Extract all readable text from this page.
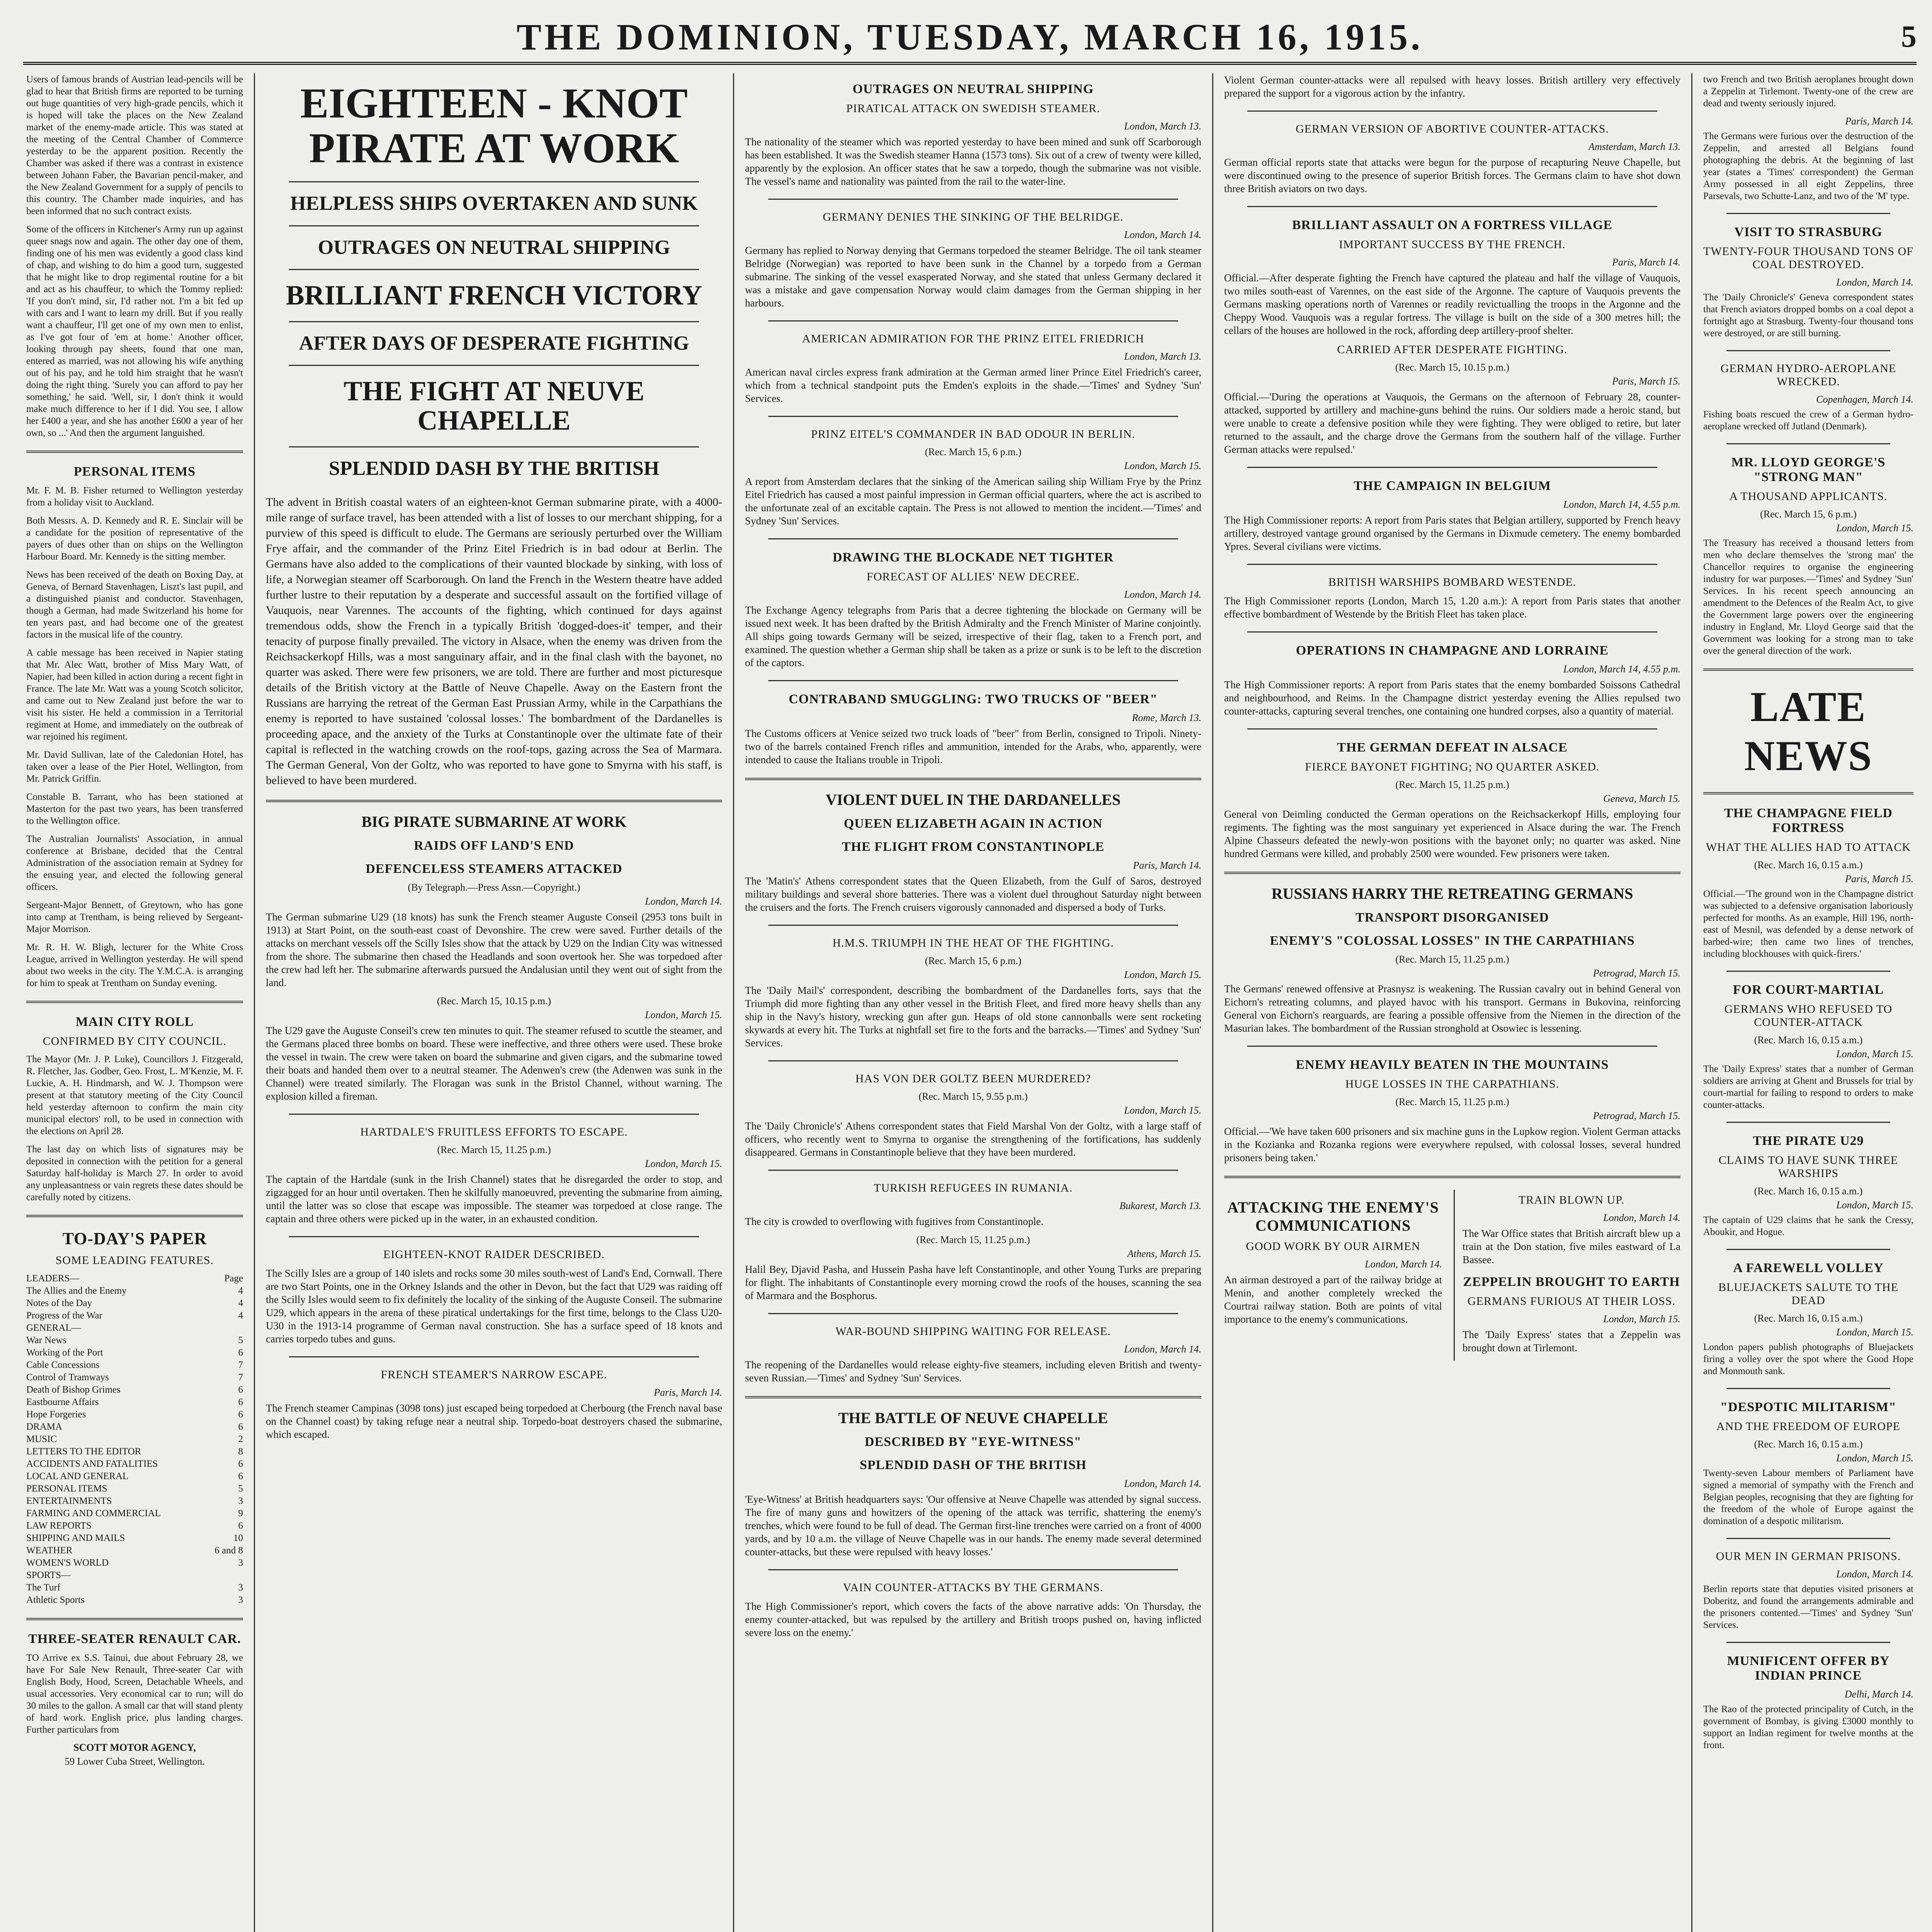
THE DOMINION, TUESDAY, MARCH 16, 1915.	5

Users of famous brands of Austrian lead-pencils will be glad to hear that British firms are reported to be turning out huge quantities of very high-grade pencils, which it is hoped will take the places on the New Zealand market of the enemy-made article. This was stated at the meeting of the Central Chamber of Commerce yesterday to be the apparent position. Recently the Chamber was asked if there was a contrast in existence between Johann Faber, the Bavarian pencil-maker, and the New Zealand Government for a supply of pencils to this country. The Chamber made inquiries, and has been informed that no such contract exists.

Some of the officers in Kitchener's Army run up against queer snags now and again. The other day one of them, finding one of his men was evidently a good class kind of chap, and wishing to do him a good turn, suggested that he might like to drop regimental routine for a bit and act as his chauffeur, to which the Tommy replied: 'If you don't mind, sir, I'd rather not. I'm a bit fed up with cars and I want to learn my drill. But if you really want a chauffeur, I'll get one of my own men to enlist, as I've got four of 'em at home.' Another officer, looking through pay sheets, found that one man, entered as married, was not allowing his wife anything out of his pay, and he told him straight that he wasn't doing the right thing. 'Surely you can afford to pay her something,' he said. 'Well, sir, I don't think it would make much difference to her if I did. You see, I allow her £400 a year, and she has another £600 a year of her own, so ...' And then the argument languished.

PERSONAL ITEMS

Mr. F. M. B. Fisher returned to Wellington yesterday from a holiday visit to Auckland.

Both Messrs. A. D. Kennedy and R. E. Sinclair will be a candidate for the position of representative of the payers of dues other than on ships on the Wellington Harbour Board. Mr. Kennedy is the sitting member.

News has been received of the death on Boxing Day, at Geneva, of Bernard Stavenhagen, Liszt's last pupil, and a distinguished pianist and conductor. Stavenhagen, though a German, had made Switzerland his home for ten years past, and had become one of the greatest factors in the musical life of the country.

A cable message has been received in Napier stating that Mr. Alec Watt, brother of Miss Mary Watt, of Napier, had been killed in action during a recent fight in France. The late Mr. Watt was a young Scotch solicitor, and came out to New Zealand just before the war to visit his sister. He held a commission in a Territorial regiment at Home, and immediately on the outbreak of war rejoined his regiment.

Mr. David Sullivan, late of the Caledonian Hotel, has taken over a lease of the Pier Hotel, Wellington, from Mr. Patrick Griffin.

Constable B. Tarrant, who has been stationed at Masterton for the past two years, has been transferred to the Wellington office.

The Australian Journalists' Association, in annual conference at Brisbane, decided that the Central Administration of the association remain at Sydney for the ensuing year, and elected the following general officers.

Sergeant-Major Bennett, of Greytown, who has gone into camp at Trentham, is being relieved by Sergeant-Major Morrison.

Mr. R. H. W. Bligh, lecturer for the White Cross League, arrived in Wellington yesterday. He will spend about two weeks in the city. The Y.M.C.A. is arranging for him to speak at Trentham on Sunday evening.

MAIN CITY ROLL
CONFIRMED BY CITY COUNCIL.

The Mayor (Mr. J. P. Luke), Councillors J. Fitzgerald, R. Fletcher, Jas. Godber, Geo. Frost, L. M'Kenzie, M. F. Luckie, A. H. Hindmarsh, and W. J. Thompson were present at that statutory meeting of the City Council held yesterday afternoon to confirm the main city municipal electors' roll, to be used in connection with the elections on April 28.

The last day on which lists of signatures may be deposited in connection with the petition for a general Saturday half-holiday is March 27. In order to avoid any unpleasantness or vain regrets these dates should be carefully noted by citizens.

TO-DAY'S PAPER
SOME LEADING FEATURES.
LEADERS—	Page
The Allies and the Enemy	4
Notes of the Day	4
Progress of the War	4
GENERAL—
War News	5
Working of the Port	6
Cable Concessions	7
Control of Tramways	7
Death of Bishop Grimes	6
Eastbourne Affairs	6
Hope Forgeries	6
DRAMA	6
MUSIC	2
LETTERS TO THE EDITOR	8
ACCIDENTS AND FATALITIES	6
LOCAL AND GENERAL	6
PERSONAL ITEMS	5
ENTERTAINMENTS	3
FARMING AND COMMERCIAL	9
LAW REPORTS	6
SHIPPING AND MAILS	10
WEATHER	6 and 8
WOMEN'S WORLD	3
SPORTS—
The Turf	3
Athletic Sports	3
THREE-SEATER RENAULT CAR.

TO Arrive ex S.S. Tainui, due about February 28, we have For Sale New Renault, Three-seater Car with English Body, Hood, Screen, Detachable Wheels, and usual accessories. Very economical car to run; will do 30 miles to the gallon. A small car that will stand plenty of hard work. English price, plus landing charges. Further particulars from

SCOTT MOTOR AGENCY,
59 Lower Cuba Street, Wellington.
EIGHTEEN - KNOT PIRATE AT WORK
HELPLESS SHIPS OVERTAKEN AND SUNK
OUTRAGES ON NEUTRAL SHIPPING
BRILLIANT FRENCH VICTORY
AFTER DAYS OF DESPERATE FIGHTING
THE FIGHT AT NEUVE CHAPELLE
SPLENDID DASH BY THE BRITISH

The advent in British coastal waters of an eighteen-knot German submarine pirate, with a 4000-mile range of surface travel, has been attended with a list of losses to our merchant shipping, for a purview of this speed is difficult to elude. The Germans are seriously perturbed over the William Frye affair, and the commander of the Prinz Eitel Friedrich is in bad odour at Berlin. The Germans have also added to the complications of their vaunted blockade by sinking, with loss of life, a Norwegian steamer off Scarborough. On land the French in the Western theatre have added further lustre to their reputation by a desperate and successful assault on the fortified village of Vauquois, near Varennes. The accounts of the fighting, which continued for days against tremendous odds, show the French in a typically British 'dogged-does-it' temper, and their tenacity of purpose finally prevailed. The victory in Alsace, when the enemy was driven from the Reichsackerkopf Hills, was a most sanguinary affair, and in the final clash with the bayonet, no quarter was asked. There were few prisoners, we are told. There are further and most picturesque details of the British victory at the Battle of Neuve Chapelle. Away on the Eastern front the Russians are harrying the retreat of the German East Prussian Army, while in the Carpathians the enemy is reported to have sustained 'colossal losses.' The bombardment of the Dardanelles is proceeding apace, and the anxiety of the Turks at Constantinople over the ultimate fate of their capital is reflected in the watching crowds on the roof-tops, gazing across the Sea of Marmara. The German General, Von der Goltz, who was reported to have gone to Smyrna with his staff, is believed to have been murdered.

BIG PIRATE SUBMARINE AT WORK
RAIDS OFF LAND'S END
DEFENCELESS STEAMERS ATTACKED
(By Telegraph.—Press Assn.—Copyright.)
London, March 14.

The German submarine U29 (18 knots) has sunk the French steamer Auguste Conseil (2953 tons built in 1913) at Start Point, on the south-east coast of Devonshire. The crew were saved. Further details of the attacks on merchant vessels off the Scilly Isles show that the attack by U29 on the Indian City was witnessed from the shore. The submarine then chased the Headlands and soon overtook her. She was torpedoed after the crew had left her. The submarine afterwards pursued the Andalusian until they went out of sight from the land.

(Rec. March 15, 10.15 p.m.)
London, March 15.

The U29 gave the Auguste Conseil's crew ten minutes to quit. The steamer refused to scuttle the steamer, and the Germans placed three bombs on board. These were ineffective, and three others were used. These broke the vessel in twain. The crew were taken on board the submarine and given cigars, and the submarine towed their boats and handed them over to a neutral steamer. The Adenwen's crew (the Adenwen was sunk in the Channel) were treated similarly. The Floragan was sunk in the Bristol Channel, without warning. The explosion killed a fireman.

HARTDALE'S FRUITLESS EFFORTS TO ESCAPE.
(Rec. March 15, 11.25 p.m.)
London, March 15.

The captain of the Hartdale (sunk in the Irish Channel) states that he disregarded the order to stop, and zigzagged for an hour until overtaken. Then he skilfully manoeuvred, preventing the submarine from aiming, until the latter was so close that escape was impossible. The steamer was torpedoed at close range. The captain and three others were picked up in the water, in an exhausted condition.

EIGHTEEN-KNOT RAIDER DESCRIBED.

The Scilly Isles are a group of 140 islets and rocks some 30 miles south-west of Land's End, Cornwall. There are two Start Points, one in the Orkney Islands and the other in Devon, but the fact that U29 was raiding off the Scilly Isles would seem to fix definitely the locality of the sinking of the Auguste Conseil. The submarine U29, which appears in the arena of these piratical undertakings for the first time, belongs to the Class U20-U30 in the 1913-14 programme of German naval construction. She has a surface speed of 18 knots and carries torpedo tubes and guns.

FRENCH STEAMER'S NARROW ESCAPE.
Paris, March 14.

The French steamer Campinas (3098 tons) just escaped being torpedoed at Cherbourg (the French naval base on the Channel coast) by taking refuge near a neutral ship. Torpedo-boat destroyers chased the submarine, which escaped.

OUTRAGES ON NEUTRAL SHIPPING
PIRATICAL ATTACK ON SWEDISH STEAMER.
London, March 13.

The nationality of the steamer which was reported yesterday to have been mined and sunk off Scarborough has been established. It was the Swedish steamer Hanna (1573 tons). Six out of a crew of twenty were killed, apparently by the explosion. An officer states that he saw a torpedo, though the submarine was not visible. The vessel's name and nationality was painted from the rail to the water-line.

GERMANY DENIES THE SINKING OF THE BELRIDGE.
London, March 14.

Germany has replied to Norway denying that Germans torpedoed the steamer Belridge. The oil tank steamer Belridge (Norwegian) was reported to have been sunk in the Channel by a torpedo from a German submarine. The sinking of the vessel exasperated Norway, and she stated that unless Germany declared it was a mistake and gave compensation Norway would claim damages from the German shipping in her harbours.

AMERICAN ADMIRATION FOR THE PRINZ EITEL FRIEDRICH
London, March 13.

American naval circles express frank admiration at the German armed liner Prince Eitel Friedrich's career, which from a technical standpoint puts the Emden's exploits in the shade.—'Times' and Sydney 'Sun' Services.

PRINZ EITEL'S COMMANDER IN BAD ODOUR IN BERLIN.
(Rec. March 15, 6 p.m.)
London, March 15.

A report from Amsterdam declares that the sinking of the American sailing ship William Frye by the Prinz Eitel Friedrich has caused a most painful impression in German official quarters, where the act is ascribed to the unfortunate zeal of an excitable captain. The Press is not allowed to mention the incident.—'Times' and Sydney 'Sun' Services.

DRAWING THE BLOCKADE NET TIGHTER
FORECAST OF ALLIES' NEW DECREE.
London, March 14.

The Exchange Agency telegraphs from Paris that a decree tightening the blockade on Germany will be issued next week. It has been drafted by the British Admiralty and the French Minister of Marine conjointly. All ships going towards Germany will be seized, irrespective of their flag, taken to a French port, and examined. The question whether a German ship shall be taken as a prize or sunk is to be left to the discretion of the captors.

CONTRABAND SMUGGLING: TWO TRUCKS OF "BEER"
Rome, March 13.

The Customs officers at Venice seized two truck loads of "beer" from Berlin, consigned to Tripoli. Ninety-two of the barrels contained French rifles and ammunition, intended for the Arabs, who, apparently, were intended to cause the Italians trouble in Tripoli.

VIOLENT DUEL IN THE DARDANELLES
QUEEN ELIZABETH AGAIN IN ACTION
THE FLIGHT FROM CONSTANTINOPLE
Paris, March 14.

The 'Matin's' Athens correspondent states that the Queen Elizabeth, from the Gulf of Saros, destroyed military buildings and several shore batteries. There was a violent duel throughout Saturday night between the cruisers and the forts. The French cruisers vigorously cannonaded and dispersed a body of Turks.

H.M.S. TRIUMPH IN THE HEAT OF THE FIGHTING.
(Rec. March 15, 6 p.m.)
London, March 15.

The 'Daily Mail's' correspondent, describing the bombardment of the Dardanelles forts, says that the Triumph did more fighting than any other vessel in the British Fleet, and fired more heavy shells than any ship in the Navy's history, wrecking gun after gun. Heaps of old stone cannonballs were sent rocketing skywards at every hit. The Turks at nightfall set fire to the forts and the barracks.—'Times' and Sydney 'Sun' Services.

HAS VON DER GOLTZ BEEN MURDERED?
(Rec. March 15, 9.55 p.m.)
London, March 15.

The 'Daily Chronicle's' Athens correspondent states that Field Marshal Von der Goltz, with a large staff of officers, who recently went to Smyrna to organise the strengthening of the fortifications, has suddenly disappeared. Germans in Constantinople believe that they have been murdered.

TURKISH REFUGEES IN RUMANIA.
Bukarest, March 13.

The city is crowded to overflowing with fugitives from Constantinople.

(Rec. March 15, 11.25 p.m.)
Athens, March 15.

Halil Bey, Djavid Pasha, and Hussein Pasha have left Constantinople, and other Young Turks are preparing for flight. The inhabitants of Constantinople every morning crowd the roofs of the houses, scanning the sea of Marmara and the Bosphorus.

WAR-BOUND SHIPPING WAITING FOR RELEASE.
London, March 14.

The reopening of the Dardanelles would release eighty-five steamers, including eleven British and twenty-seven Russian.—'Times' and Sydney 'Sun' Services.

THE BATTLE OF NEUVE CHAPELLE
DESCRIBED BY "EYE-WITNESS"
SPLENDID DASH OF THE BRITISH
London, March 14.

'Eye-Witness' at British headquarters says: 'Our offensive at Neuve Chapelle was attended by signal success. The fire of many guns and howitzers of the opening of the attack was terrific, shattering the enemy's trenches, which were found to be full of dead. The German first-line trenches were carried on a front of 4000 yards, and by 10 a.m. the village of Neuve Chapelle was in our hands. The enemy made several determined counter-attacks, but these were repulsed with heavy losses.'

VAIN COUNTER-ATTACKS BY THE GERMANS.

The High Commissioner's report, which covers the facts of the above narrative adds: 'On Thursday, the enemy counter-attacked, but was repulsed by the artillery and British troops pushed on, having inflicted severe loss on the enemy.'

Violent German counter-attacks were all repulsed with heavy losses. British artillery very effectively prepared the support for a vigorous action by the infantry.

GERMAN VERSION OF ABORTIVE COUNTER-ATTACKS.
Amsterdam, March 13.

German official reports state that attacks were begun for the purpose of recapturing Neuve Chapelle, but were discontinued owing to the presence of superior British forces. The Germans claim to have shot down three British aviators on two days.

BRILLIANT ASSAULT ON A FORTRESS VILLAGE
IMPORTANT SUCCESS BY THE FRENCH.
Paris, March 14.

Official.—After desperate fighting the French have captured the plateau and half the village of Vauquois, two miles south-east of Varennes, on the east side of the Argonne. The capture of Vauquois prevents the Germans masking operations north of Varennes or readily revictualling the troops in the Argonne and the Cheppy Wood. Vauquois was a regular fortress. The village is built on the side of a 300 metres hill; the cellars of the houses are hollowed in the rock, affording deep artillery-proof shelter.

CARRIED AFTER DESPERATE FIGHTING.
(Rec. March 15, 10.15 p.m.)
Paris, March 15.

Official.—'During the operations at Vauquois, the Germans on the afternoon of February 28, counter-attacked, supported by artillery and machine-guns behind the ruins. Our soldiers made a heroic stand, but were unable to create a defensive position while they were fighting. They were obliged to retire, but later returned to the assault, and the charge drove the Germans from the southern half of the village. Further German attacks were repulsed.'

THE CAMPAIGN IN BELGIUM
London, March 14, 4.55 p.m.

The High Commissioner reports: A report from Paris states that Belgian artillery, supported by French heavy artillery, destroyed vantage ground organised by the Germans in Dixmude cemetery. The enemy bombarded Ypres. Several civilians were victims.

BRITISH WARSHIPS BOMBARD WESTENDE.

The High Commissioner reports (London, March 15, 1.20 a.m.): A report from Paris states that another effective bombardment of Westende by the British Fleet has taken place.

OPERATIONS IN CHAMPAGNE AND LORRAINE
London, March 14, 4.55 p.m.

The High Commissioner reports: A report from Paris states that the enemy bombarded Soissons Cathedral and neighbourhood, and Reims. In the Champagne district yesterday evening the Allies repulsed two counter-attacks, capturing several trenches, one containing one hundred corpses, also a quantity of material.

THE GERMAN DEFEAT IN ALSACE
FIERCE BAYONET FIGHTING; NO QUARTER ASKED.
(Rec. March 15, 11.25 p.m.)
Geneva, March 15.

General von Deimling conducted the German operations on the Reichsackerkopf Hills, employing four regiments. The fighting was the most sanguinary yet experienced in Alsace during the war. The French Alpine Chasseurs defeated the newly-won positions with the bayonet only; no quarter was asked. Nine hundred Germans were killed, and probably 2500 were wounded. Few prisoners were taken.

RUSSIANS HARRY THE RETREATING GERMANS
TRANSPORT DISORGANISED
ENEMY'S "COLOSSAL LOSSES" IN THE CARPATHIANS
(Rec. March 15, 11.25 p.m.)
Petrograd, March 15.

The Germans' renewed offensive at Prasnysz is weakening. The Russian cavalry out in behind General von Eichorn's retreating columns, and played havoc with his transport. Germans in Bukovina, reinforcing General von Eichorn's rearguards, are fearing a possible offensive from the Niemen in the direction of the Masurian lakes. The bombardment of the Russian stronghold at Osowiec is lessening.

ENEMY HEAVILY BEATEN IN THE MOUNTAINS
HUGE LOSSES IN THE CARPATHIANS.
(Rec. March 15, 11.25 p.m.)
Petrograd, March 15.

Official.—'We have taken 600 prisoners and six machine guns in the Lupkow region. Violent German attacks in the Kozianka and Rozanka regions were everywhere repulsed, with colossal losses, several hundred prisoners being taken.'

ATTACKING THE ENEMY'S COMMUNICATIONS
GOOD WORK BY OUR AIRMEN
London, March 14.

An airman destroyed a part of the railway bridge at Menin, and another completely wrecked the Courtrai railway station. Both are points of vital importance to the enemy's communications.

TRAIN BLOWN UP.
London, March 14.

The War Office states that British aircraft blew up a train at the Don station, five miles eastward of La Bassee.

ZEPPELIN BROUGHT TO EARTH
GERMANS FURIOUS AT THEIR LOSS.
London, March 15.

The 'Daily Express' states that a Zeppelin was brought down at Tirlemont.

two French and two British aeroplanes brought down a Zeppelin at Tirlemont. Twenty-one of the crew are dead and twenty seriously injured.

Paris, March 14.

The Germans were furious over the destruction of the Zeppelin, and arrested all Belgians found photographing the debris. At the beginning of last year (states a 'Times' correspondent) the German Army possessed in all eight Zeppelins, three Parsevals, two Schutte-Lanz, and two of the 'M' type.

VISIT TO STRASBURG
TWENTY-FOUR THOUSAND TONS OF COAL DESTROYED.
London, March 14.

The 'Daily Chronicle's' Geneva correspondent states that French aviators dropped bombs on a coal depot a fortnight ago at Strasburg. Twenty-four thousand tons were destroyed, or are still burning.

GERMAN HYDRO-AEROPLANE WRECKED.
Copenhagen, March 14.

Fishing boats rescued the crew of a German hydro-aeroplane wrecked off Jutland (Denmark).

MR. LLOYD GEORGE'S "STRONG MAN"
A THOUSAND APPLICANTS.
(Rec. March 15, 6 p.m.)
London, March 15.

The Treasury has received a thousand letters from men who declare themselves the 'strong man' the Chancellor requires to organise the engineering industry for war purposes.—'Times' and Sydney 'Sun' Services. In his recent speech announcing an amendment to the Defences of the Realm Act, to give the Government large powers over the engineering industry in England, Mr. Lloyd George said that the Government was looking for a strong man to take over the general direction of the work.

LATE NEWS
THE CHAMPAGNE FIELD FORTRESS
WHAT THE ALLIES HAD TO ATTACK
(Rec. March 16, 0.15 a.m.)
Paris, March 15.

Official.—'The ground won in the Champagne district was subjected to a defensive organisation laboriously perfected for months. As an example, Hill 196, north-east of Mesnil, was defended by a dense network of barbed-wire; then came two lines of trenches, including blockhouses with quick-firers.'

FOR COURT-MARTIAL
GERMANS WHO REFUSED TO COUNTER-ATTACK
(Rec. March 16, 0.15 a.m.)
London, March 15.

The 'Daily Express' states that a number of German soldiers are arriving at Ghent and Brussels for trial by court-martial for failing to respond to orders to make counter-attacks.

THE PIRATE U29
CLAIMS TO HAVE SUNK THREE WARSHIPS
(Rec. March 16, 0.15 a.m.)
London, March 15.

The captain of U29 claims that he sank the Cressy, Aboukir, and Hogue.

A FAREWELL VOLLEY
BLUEJACKETS SALUTE TO THE DEAD
(Rec. March 16, 0.15 a.m.)
London, March 15.

London papers publish photographs of Bluejackets firing a volley over the spot where the Good Hope and Monmouth sank.

"DESPOTIC MILITARISM"
AND THE FREEDOM OF EUROPE
(Rec. March 16, 0.15 a.m.)
London, March 15.

Twenty-seven Labour members of Parliament have signed a memorial of sympathy with the French and Belgian peoples, recognising that they are fighting for the freedom of the whole of Europe against the domination of a despotic militarism.

OUR MEN IN GERMAN PRISONS.
London, March 14.

Berlin reports state that deputies visited prisoners at Doberitz, and found the arrangements admirable and the prisoners contented.—'Times' and Sydney 'Sun' Services.

MUNIFICENT OFFER BY INDIAN PRINCE
Delhi, March 14.

The Rao of the protected principality of Cutch, in the government of Bombay, is giving £3000 monthly to support an Indian regiment for twelve months at the front.
